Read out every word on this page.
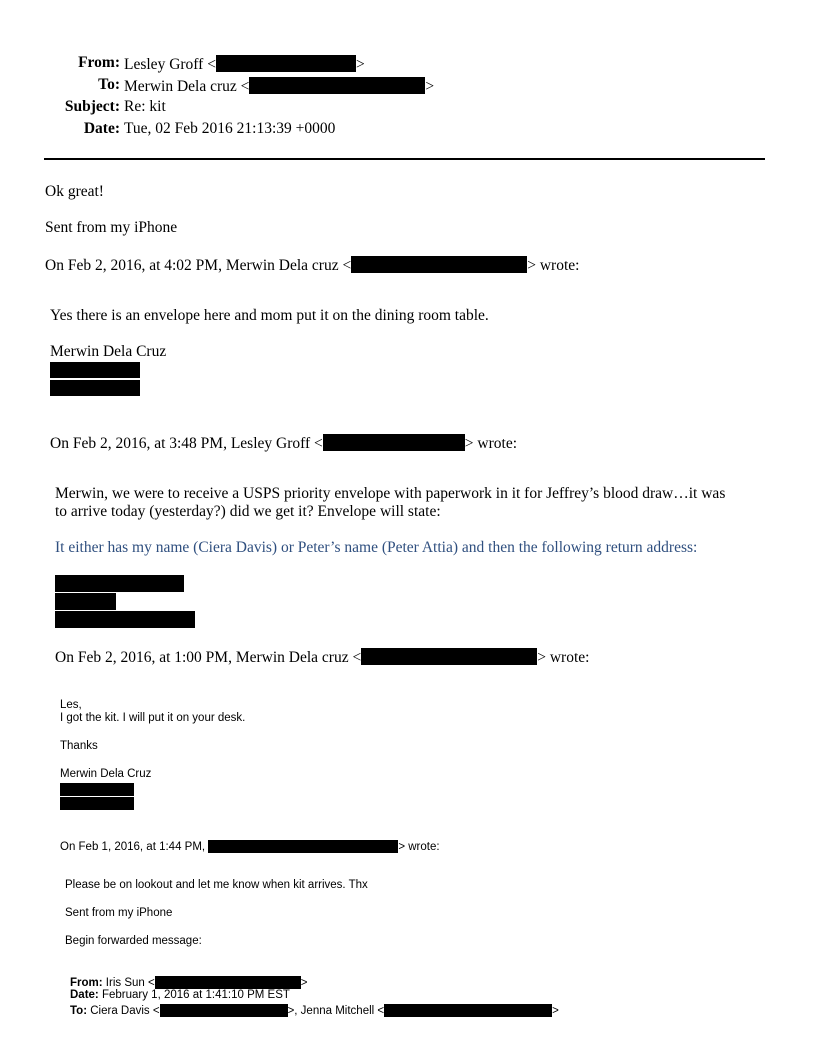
From: Lesley Groff <	>
To: Merwin Dela cruz <	>
Subject: Re: kit
Date: Tue, 02 Feb 2016 21:13:39 +0000
Ok great!
Sent from my iPhone
On Feb 2, 2016, at 4:02 PM, Merwin Dela cruz <	> wrote:
Yes there is an envelope here and mom put it on the dining room table.
Merwin Dela Cruz
On Feb 2, 2016, at 3:48 PM, Lesley Groff <	> wrote:
Merwin, we were to receive a USPS priority envelope with paperwork in it for Jeffrey’s blood draw…it was
to arrive today (yesterday?) did we get it? Envelope will state:
It either has my name (Ciera Davis) or Peter’s name (Peter Attia) and then the following return address:
On Feb 2, 2016, at 1:00 PM, Merwin Dela cruz <	> wrote:
Les,
I got the kit. I will put it on your desk.
Thanks
Merwin Dela Cruz
On Feb 1, 2016, at 1:44 PM,	> wrote:
Please be on lookout and let me know when kit arrives. Thx
Sent from my iPhone
Begin forwarded message:
From: Iris Sun <	>
Date: February 1, 2016 at 1:41:10 PM EST
To: Ciera Davis <	>, Jenna Mitchell <	>
